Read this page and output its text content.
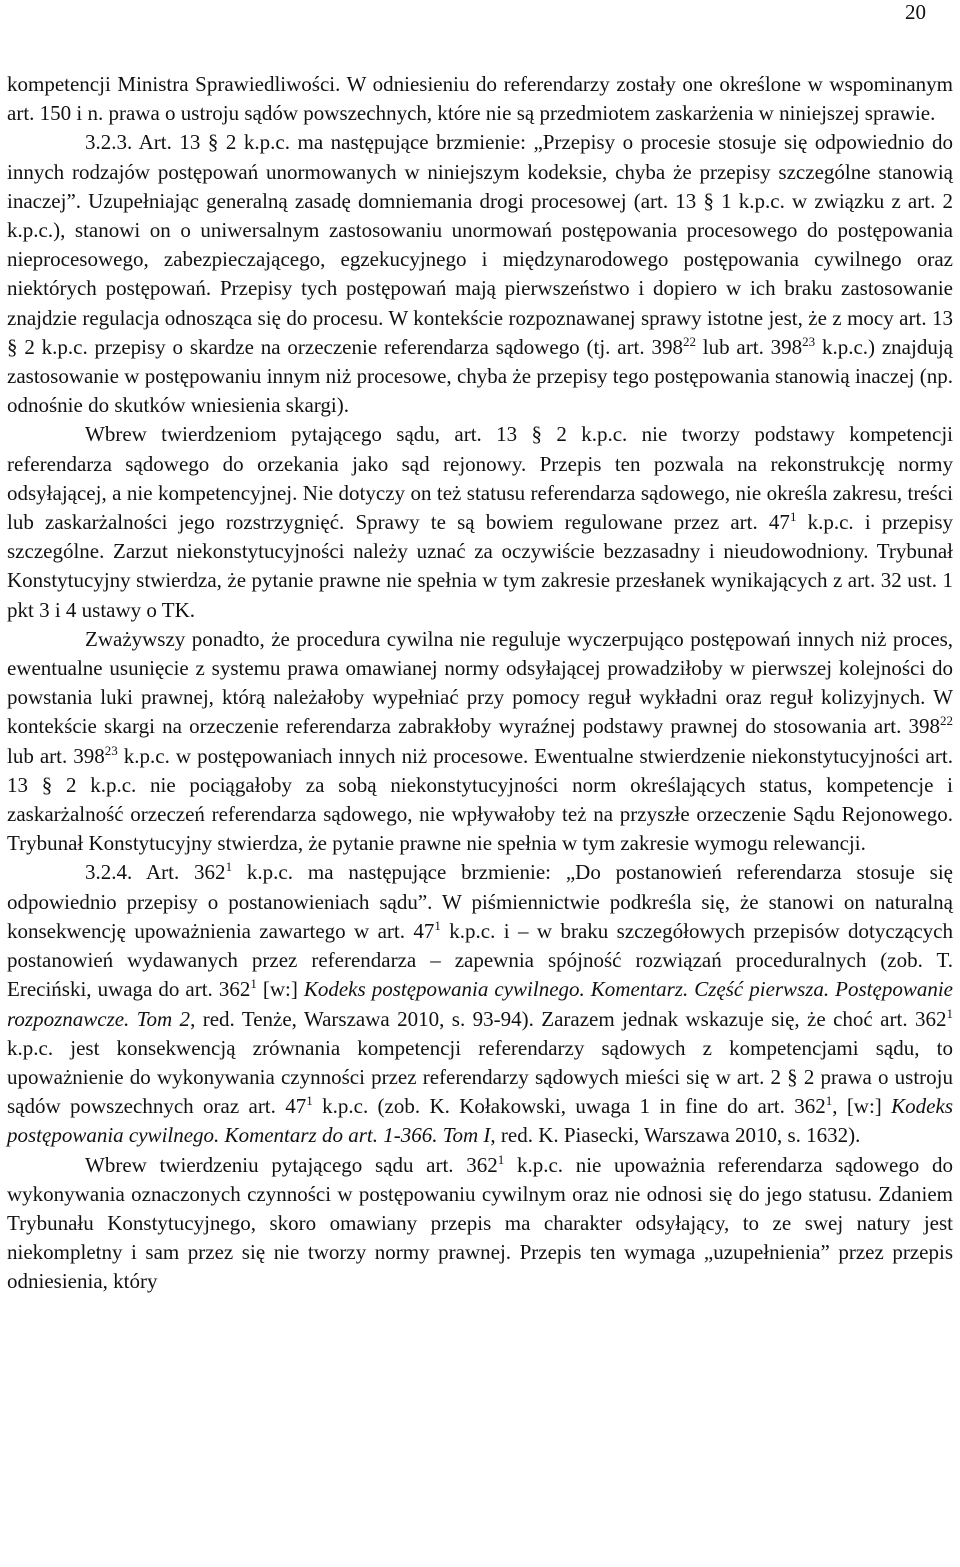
20

kompetencji Ministra Sprawiedliwości. W odniesieniu do referendarzy zostały one określone w wspominanym art. 150 i n. prawa o ustroju sądów powszechnych, które nie są przedmiotem zaskarżenia w niniejszej sprawie.

3.2.3. Art. 13 § 2 k.p.c. ma następujące brzmienie: „Przepisy o procesie stosuje się odpowiednio do innych rodzajów postępowań unormowanych w niniejszym kodeksie, chyba że przepisy szczególne stanowią inaczej”. Uzupełniając generalną zasadę domniemania drogi procesowej (art. 13 § 1 k.p.c. w związku z art. 2 k.p.c.), stanowi on o uniwersalnym zastosowaniu unormowań postępowania procesowego do postępowania nieprocesowego, zabezpieczającego, egzekucyjnego i międzynarodowego postępowania cywilnego oraz niektórych postępowań. Przepisy tych postępowań mają pierwszeństwo i dopiero w ich braku zastosowanie znajdzie regulacja odnosząca się do procesu. W kontekście rozpoznawanej sprawy istotne jest, że z mocy art. 13 § 2 k.p.c. przepisy o skardze na orzeczenie referendarza sądowego (tj. art. $398^{22}$ lub art. $398^{23}$ k.p.c.) znajdują zastosowanie w postępowaniu innym niż procesowe, chyba że przepisy tego postępowania stanowią inaczej (np. odnośnie do skutków wniesienia skargi).

Wbrew twierdzeniom pytającego sądu, art. 13 § 2 k.p.c. nie tworzy podstawy kompetencji referendarza sądowego do orzekania jako sąd rejonowy. Przepis ten pozwala na rekonstrukcję normy odsyłającej, a nie kompetencyjnej. Nie dotyczy on też statusu referendarza sądowego, nie określa zakresu, treści lub zaskarżalności jego rozstrzygnięć. Sprawy te są bowiem regulowane przez art. $47^1$ k.p.c. i przepisy szczególne. Zarzut niekonstytucyjności należy uznać za oczywiście bezzasadny i nieudowodniony. Trybunał Konstytucyjny stwierdza, że pytanie prawne nie spełnia w tym zakresie przesłanek wynikających z art. 32 ust. 1 pkt 3 i 4 ustawy o TK.

Zważywszy ponadto, że procedura cywilna nie reguluje wyczerpująco postępowań innych niż proces, ewentualne usunięcie z systemu prawa omawianej normy odsyłającej prowadziłoby w pierwszej kolejności do powstania luki prawnej, którą należałoby wypełniać przy pomocy reguł wykładni oraz reguł kolizyjnych. W kontekście skargi na orzeczenie referendarza zabrakłoby wyraźnej podstawy prawnej do stosowania art. $398^{22}$ lub art. $398^{23}$ k.p.c. w postępowaniach innych niż procesowe. Ewentualne stwierdzenie niekonstytucyjności art. 13 § 2 k.p.c. nie pociągałoby za sobą niekonstytucyjności norm określających status, kompetencje i zaskarżalność orzeczeń referendarza sądowego, nie wpływałoby też na przyszłe orzeczenie Sądu Rejonowego. Trybunał Konstytucyjny stwierdza, że pytanie prawne nie spełnia w tym zakresie wymogu relewancji.

3.2.4. Art. $362^1$ k.p.c. ma następujące brzmienie: „Do postanowień referendarza stosuje się odpowiednio przepisy o postanowieniach sądu”. W piśmiennictwie podkreśla się, że stanowi on naturalną konsekwencję upoważnienia zawartego w art. $47^1$ k.p.c. i – w braku szczegółowych przepisów dotyczących postanowień wydawanych przez referendarza – zapewnia spójność rozwiązań proceduralnych (zob. T. Ereciński, uwaga do art. $362^1$ [w:] Kodeks postępowania cywilnego. Komentarz. Część pierwsza. Postępowanie rozpoznawcze. Tom 2, red. Tenże, Warszawa 2010, s. 93-94). Zarazem jednak wskazuje się, że choć art. $362^1$ k.p.c. jest konsekwencją zrównania kompetencji referendarzy sądowych z kompetencjami sądu, to upoważnienie do wykonywania czynności przez referendarzy sądowych mieści się w art. 2 § 2 prawa o ustroju sądów powszechnych oraz art. $47^1$ k.p.c. (zob. K. Kołakowski, uwaga 1 in fine do art. $362^1$, [w:] Kodeks postępowania cywilnego. Komentarz do art. 1-366. Tom I, red. K. Piasecki, Warszawa 2010, s. 1632).

Wbrew twierdzeniu pytającego sądu art. $362^1$ k.p.c. nie upoważnia referendarza sądowego do wykonywania oznaczonych czynności w postępowaniu cywilnym oraz nie odnosi się do jego statusu. Zdaniem Trybunału Konstytucyjnego, skoro omawiany przepis ma charakter odsyłający, to ze swej natury jest niekompletny i sam przez się nie tworzy normy prawnej. Przepis ten wymaga „uzupełnienia” przez przepis odniesienia, który
